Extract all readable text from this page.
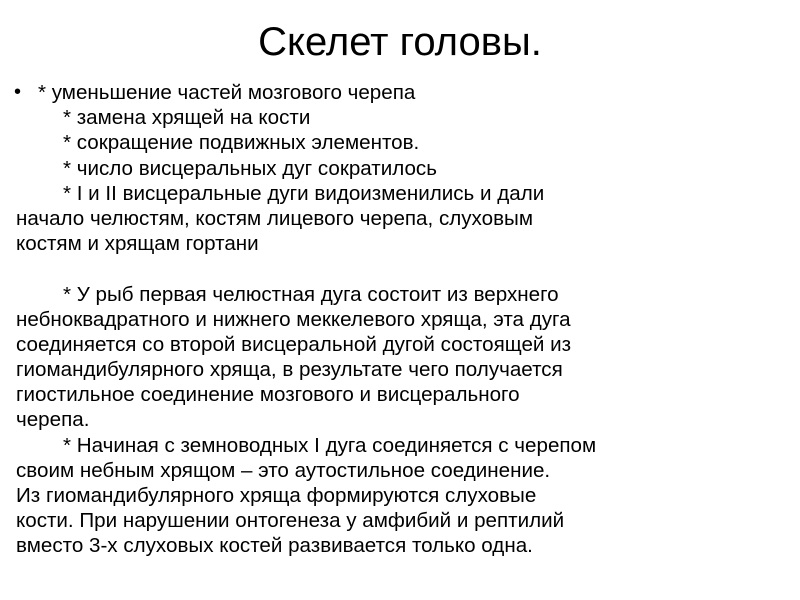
Скелет головы.
• * уменьшение частей мозгового черепа
* замена хрящей на кости
* сокращение подвижных элементов.
* число висцеральных дуг сократилось
* I и II висцеральные дуги видоизменились и дали
начало челюстям, костям лицевого черепа, слуховым
костям и хрящам гортани
* У рыб первая челюстная дуга состоит из верхнего
небноквадратного и нижнего меккелевого хряща, эта дуга
соединяется со второй висцеральной дугой состоящей из
гиомандибулярного хряща, в результате чего получается
гиостильное соединение мозгового и висцерального
черепа.
* Начиная с земноводных I дуга соединяется с черепом
своим небным хрящом – это аутостильное соединение.
Из гиомандибулярного хряща формируются слуховые
кости. При нарушении онтогенеза у амфибий и рептилий
вместо 3-х слуховых костей развивается только одна.
